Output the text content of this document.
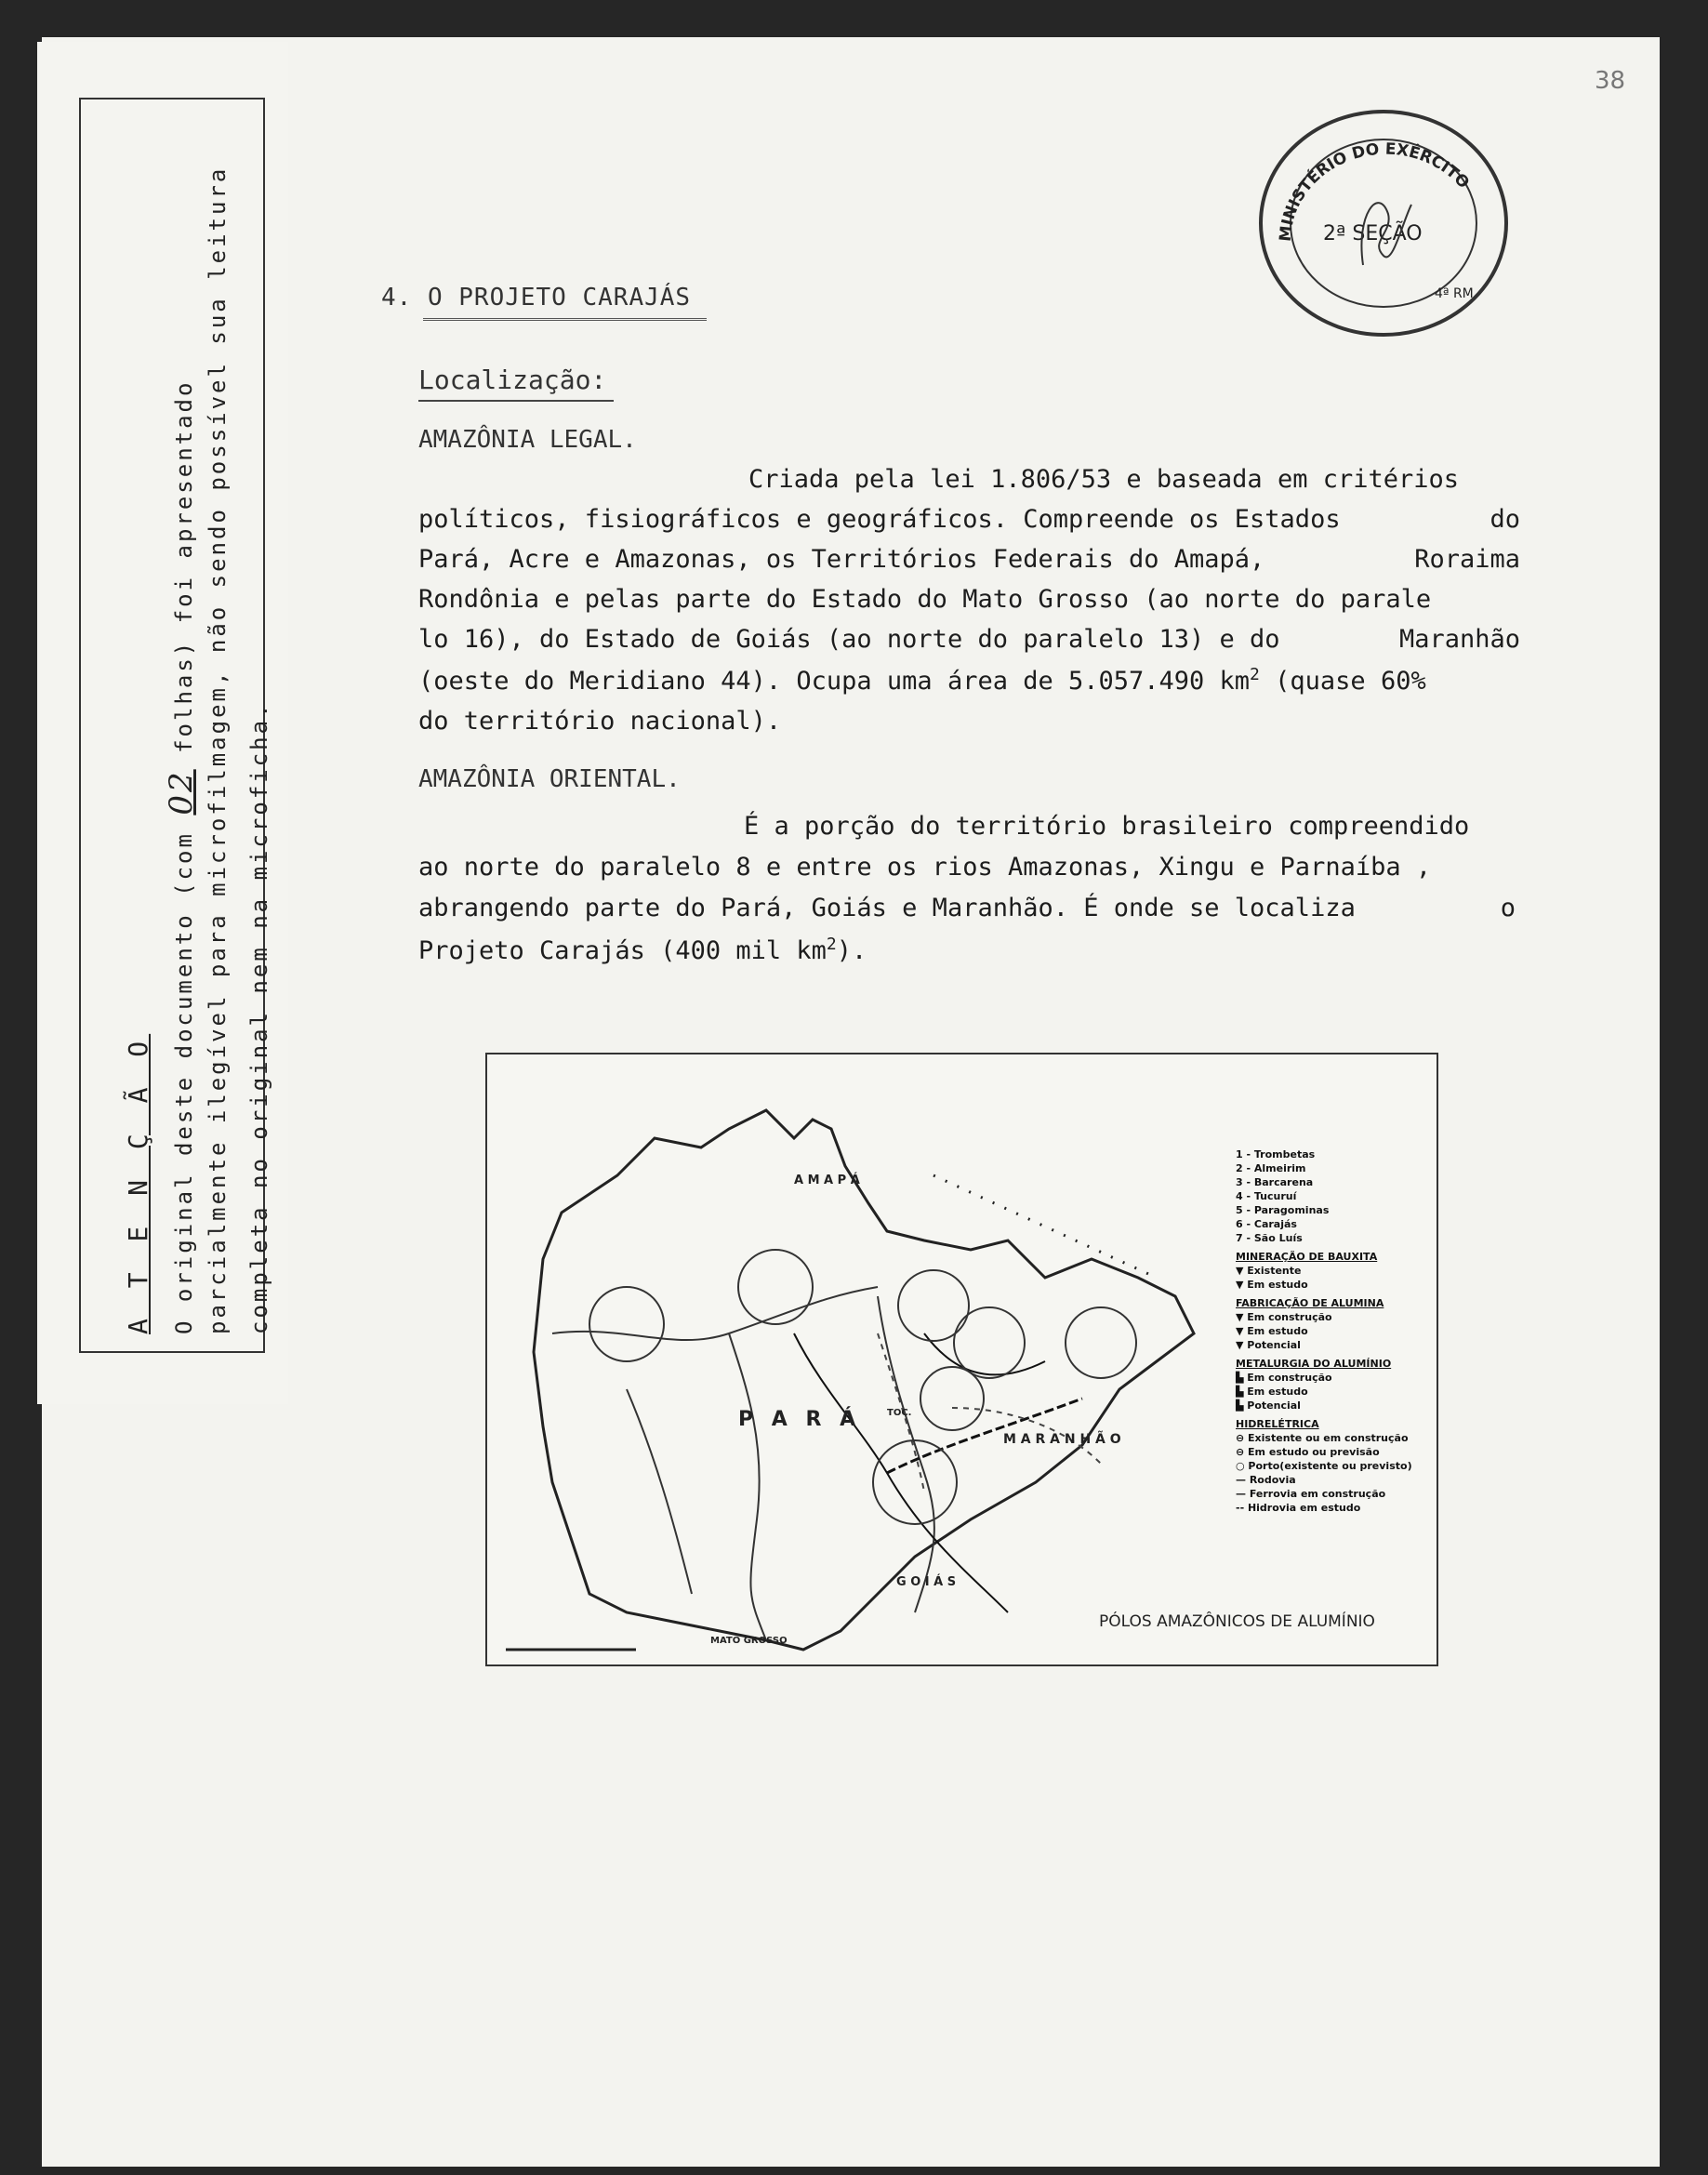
A T E N Ç Ã O O original deste documento (com 02 folhas) foi apresentado parcialmente ilegível para microfilmagem, não sendo possível sua leitura completa no original nem na microficha.
38
MINISTÉRIO DO EXÉRCITO
2ª SEÇÃO
4ª RM
4. O PROJETO CARAJÁS
Localização:
AMAZÔNIA LEGAL.
Criada pela lei 1.806/53 e baseada em critérios
políticos, fisiográficos e geográficos. Compreende os Estados	do
Pará, Acre e Amazonas, os Territórios Federais do Amapá,	Roraima
Rondônia e pelas parte do Estado do Mato Grosso (ao norte do parale
lo 16), do Estado de Goiás (ao norte do paralelo 13) e do	Maranhão
(oeste do Meridiano 44). Ocupa uma área de 5.057.490 $km^2$ (quase 60%
do território nacional).
AMAZÔNIA ORIENTAL.
É a porção do território brasileiro compreendido
ao norte do paralelo 8 e entre os rios Amazonas, Xingu e Parnaíba ,
abrangendo parte do Pará, Goiás e Maranhão. É onde se localiza	o
Projeto Carajás (400 mil $km^2$).
A M A P Á
P A R Á
M A R A N H Ã O
G O I Á S
MATO GROSSO
TOC.
1 - Trombetas
2 - Almeirim
3 - Barcarena
4 - Tucuruí
5 - Paragominas
6 - Carajás
7 - São Luís
MINERAÇÃO DE BAUXITA
▼ Existente
▼ Em estudo
FABRICAÇÃO DE ALUMINA
▼ Em construção
▼ Em estudo
▼ Potencial
METALURGIA DO ALUMÍNIO
▙ Em construção
▙ Em estudo
▙ Potencial
HIDRELÉTRICA
⊖ Existente ou em construção
⊖ Em estudo ou previsão
○ Porto(existente ou previsto)
— Rodovia
— Ferrovia em construção
-- Hidrovia em estudo
PÓLOS AMAZÔNICOS DE ALUMÍNIO
